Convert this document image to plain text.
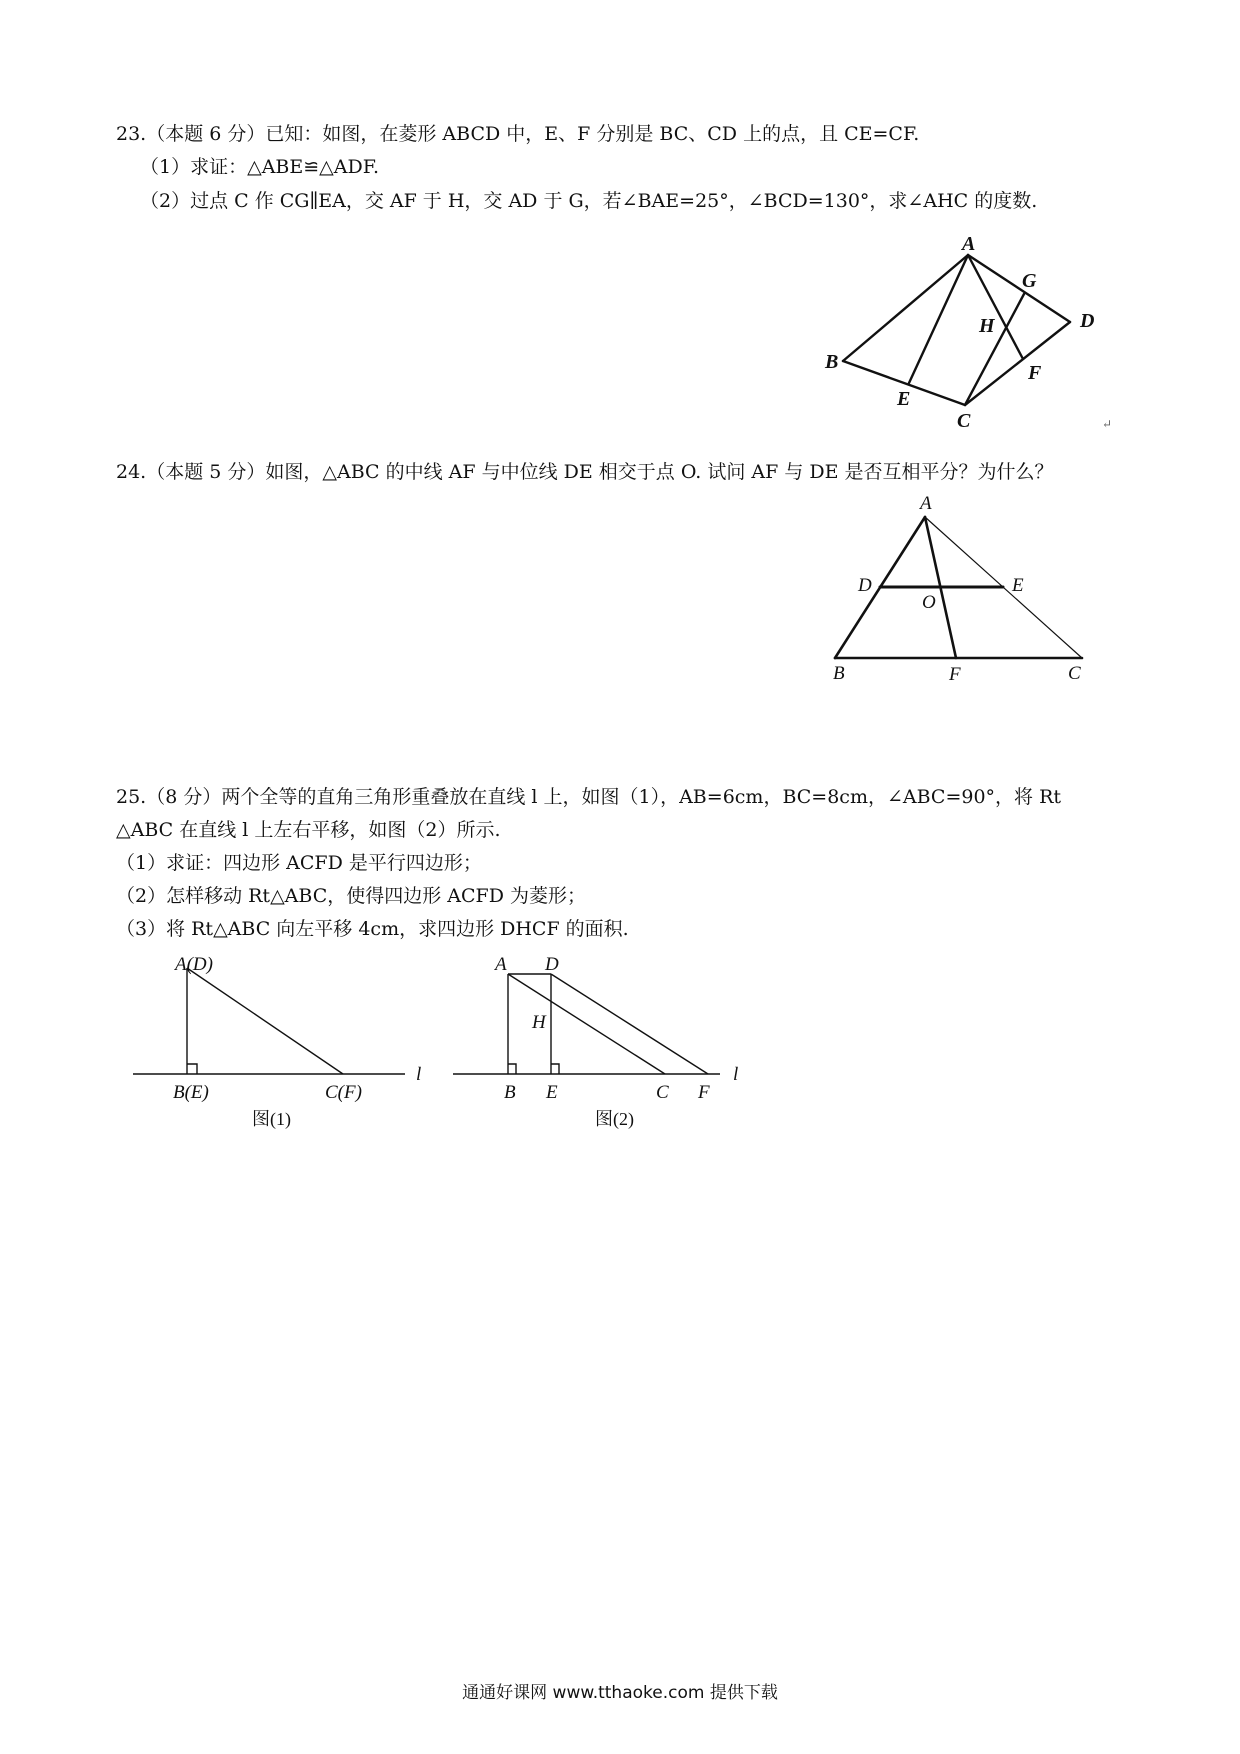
23.（本题 6 分）已知：如图，在菱形 ABCD 中，E、F 分别是 BC、CD 上的点，且 CE=CF.
（1）求证：△ABE≌△ADF.
（2）过点 C 作 CG∥EA，交 AF 于 H，交 AD 于 G，若∠BAE=25°，∠BCD=130°，求∠AHC 的度数.
A
B
C
D
E
F
G
H
↵
24.（本题 5 分）如图，△ABC 的中线 AF 与中位线 DE 相交于点 O. 试问 AF 与 DE 是否互相平分？为什么？
A
B	C
D	E
F
O
25.（8 分）两个全等的直角三角形重叠放在直线 l 上，如图（1），AB=6cm，BC=8cm，∠ABC=90°，将 Rt
△ABC 在直线 l 上左右平移，如图（2）所示.
（1）求证：四边形 ACFD 是平行四边形；
（2）怎样移动 Rt△ABC，使得四边形 ACFD 为菱形；
（3）将 Rt△ABC 向左平移 4cm，求四边形 DHCF 的面积.
A(D)
B(E)	C(F)
l
图(1)
A D
H
B E	C F
l
图(2)
通通好课网 www.tthaoke.com 提供下载
